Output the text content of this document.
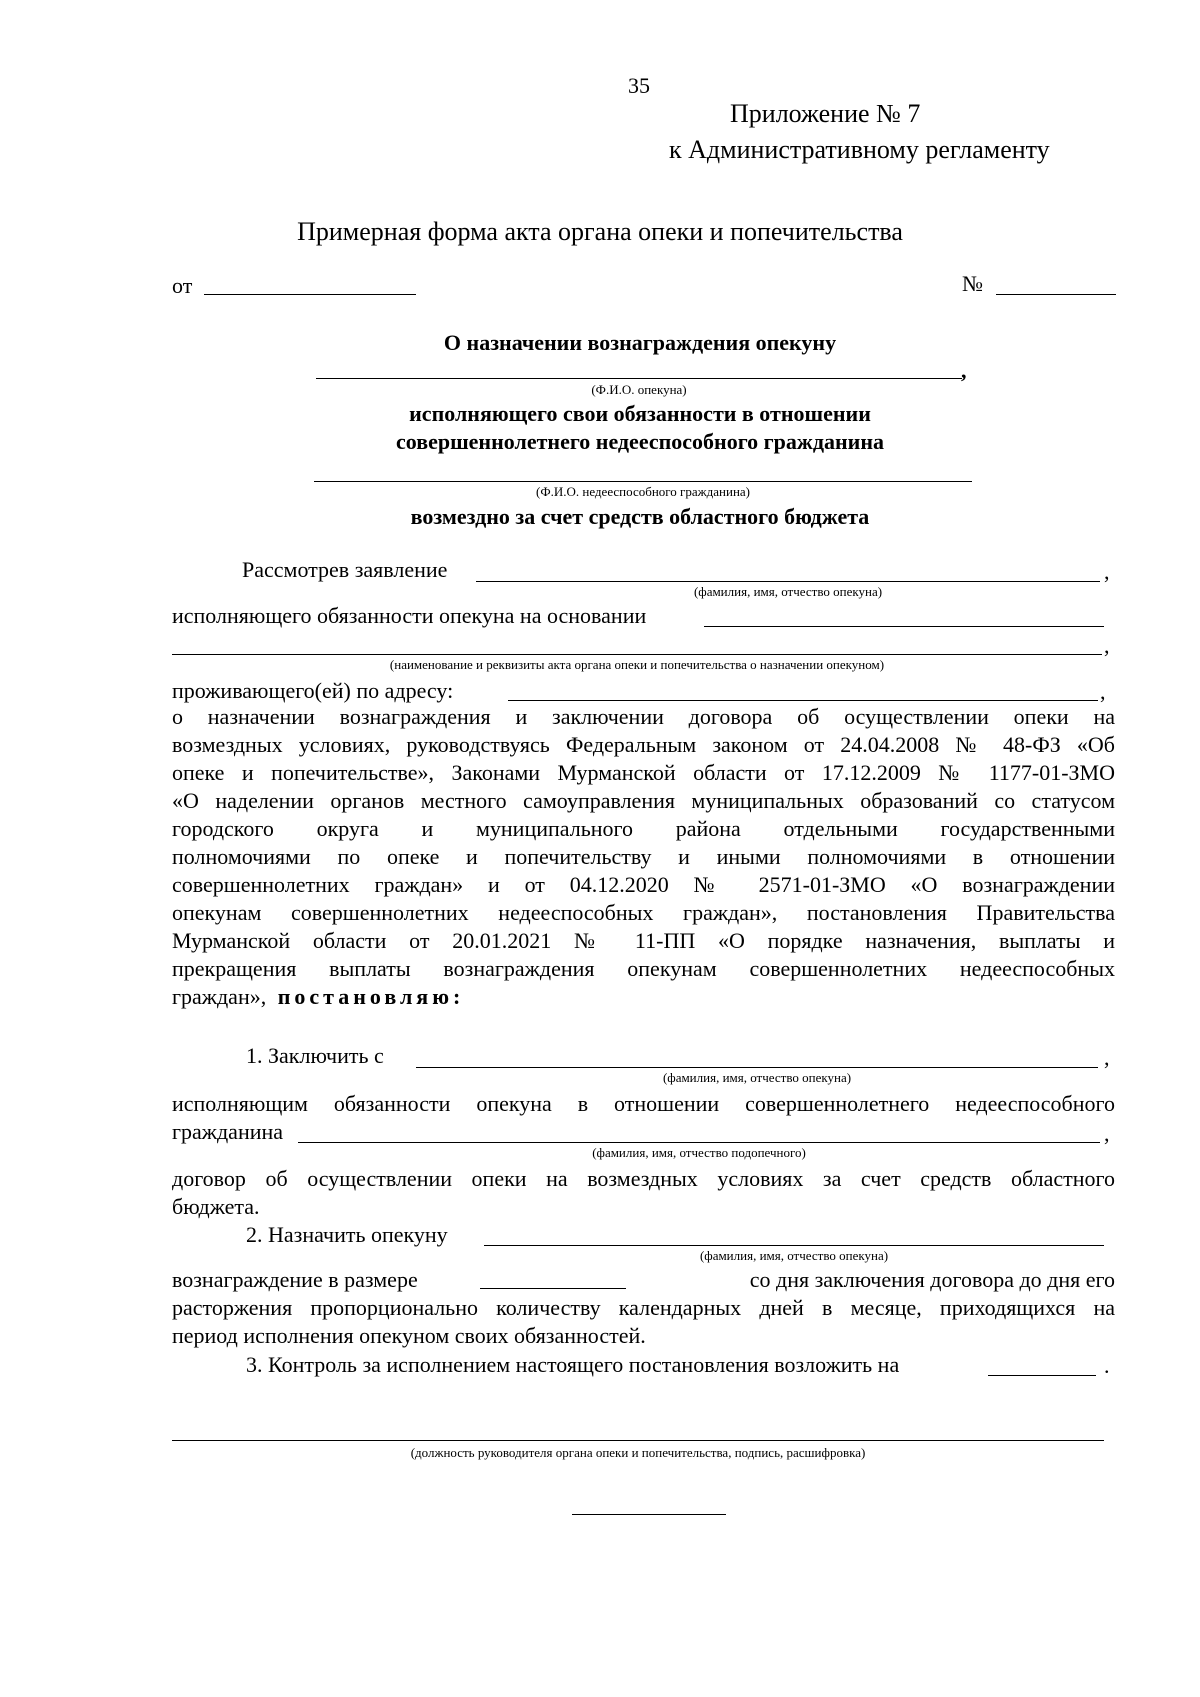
35
Приложение № 7
к Административному регламенту
Примерная форма акта органа опеки и попечительства
от	№
О назначении вознаграждения опекуну
,
(Ф.И.О. опекуна)
исполняющего свои обязанности в отношении
совершеннолетнего недееспособного гражданина
(Ф.И.О. недееспособного гражданина)
возмездно за счет средств областного бюджета
Рассмотрев заявление	,
(фамилия, имя, отчество опекуна)
исполняющего обязанности опекуна на основании
,
(наименование и реквизиты акта органа опеки и попечительства о назначении опекуном)
проживающего(ей) по адресу:	,
о назначении вознаграждения и заключении договора об осуществлении опеки на
возмездных условиях, руководствуясь Федеральным законом от 24.04.2008 № 48-ФЗ «Об
опеке и попечительстве», Законами Мурманской области от 17.12.2009 № 1177-01-ЗМО
«О наделении органов местного самоуправления муниципальных образований со статусом
городского округа и муниципального района отдельными государственными
полномочиями по опеке и попечительству и иными полномочиями в отношении
совершеннолетних граждан» и от 04.12.2020 № 2571-01-ЗМО «О вознаграждении
опекунам совершеннолетних недееспособных граждан», постановления Правительства
Мурманской области от 20.01.2021 № 11-ПП «О порядке назначения, выплаты и
прекращения выплаты вознаграждения опекунам совершеннолетних недееспособных
граждан», постановляю:
1. Заключить с	,
(фамилия, имя, отчество опекуна)
исполняющим обязанности опекуна в отношении совершеннолетнего недееспособного
гражданина	,
(фамилия, имя, отчество подопечного)
договор об осуществлении опеки на возмездных условиях за счет средств областного
бюджета.
2. Назначить опекуну
(фамилия, имя, отчество опекуна)
вознаграждение в размере	со дня заключения договора до дня его
расторжения пропорционально количеству календарных дней в месяце, приходящихся на
период исполнения опекуном своих обязанностей.
3. Контроль за исполнением настоящего постановления возложить на	.
(должность руководителя органа опеки и попечительства, подпись, расшифровка)
